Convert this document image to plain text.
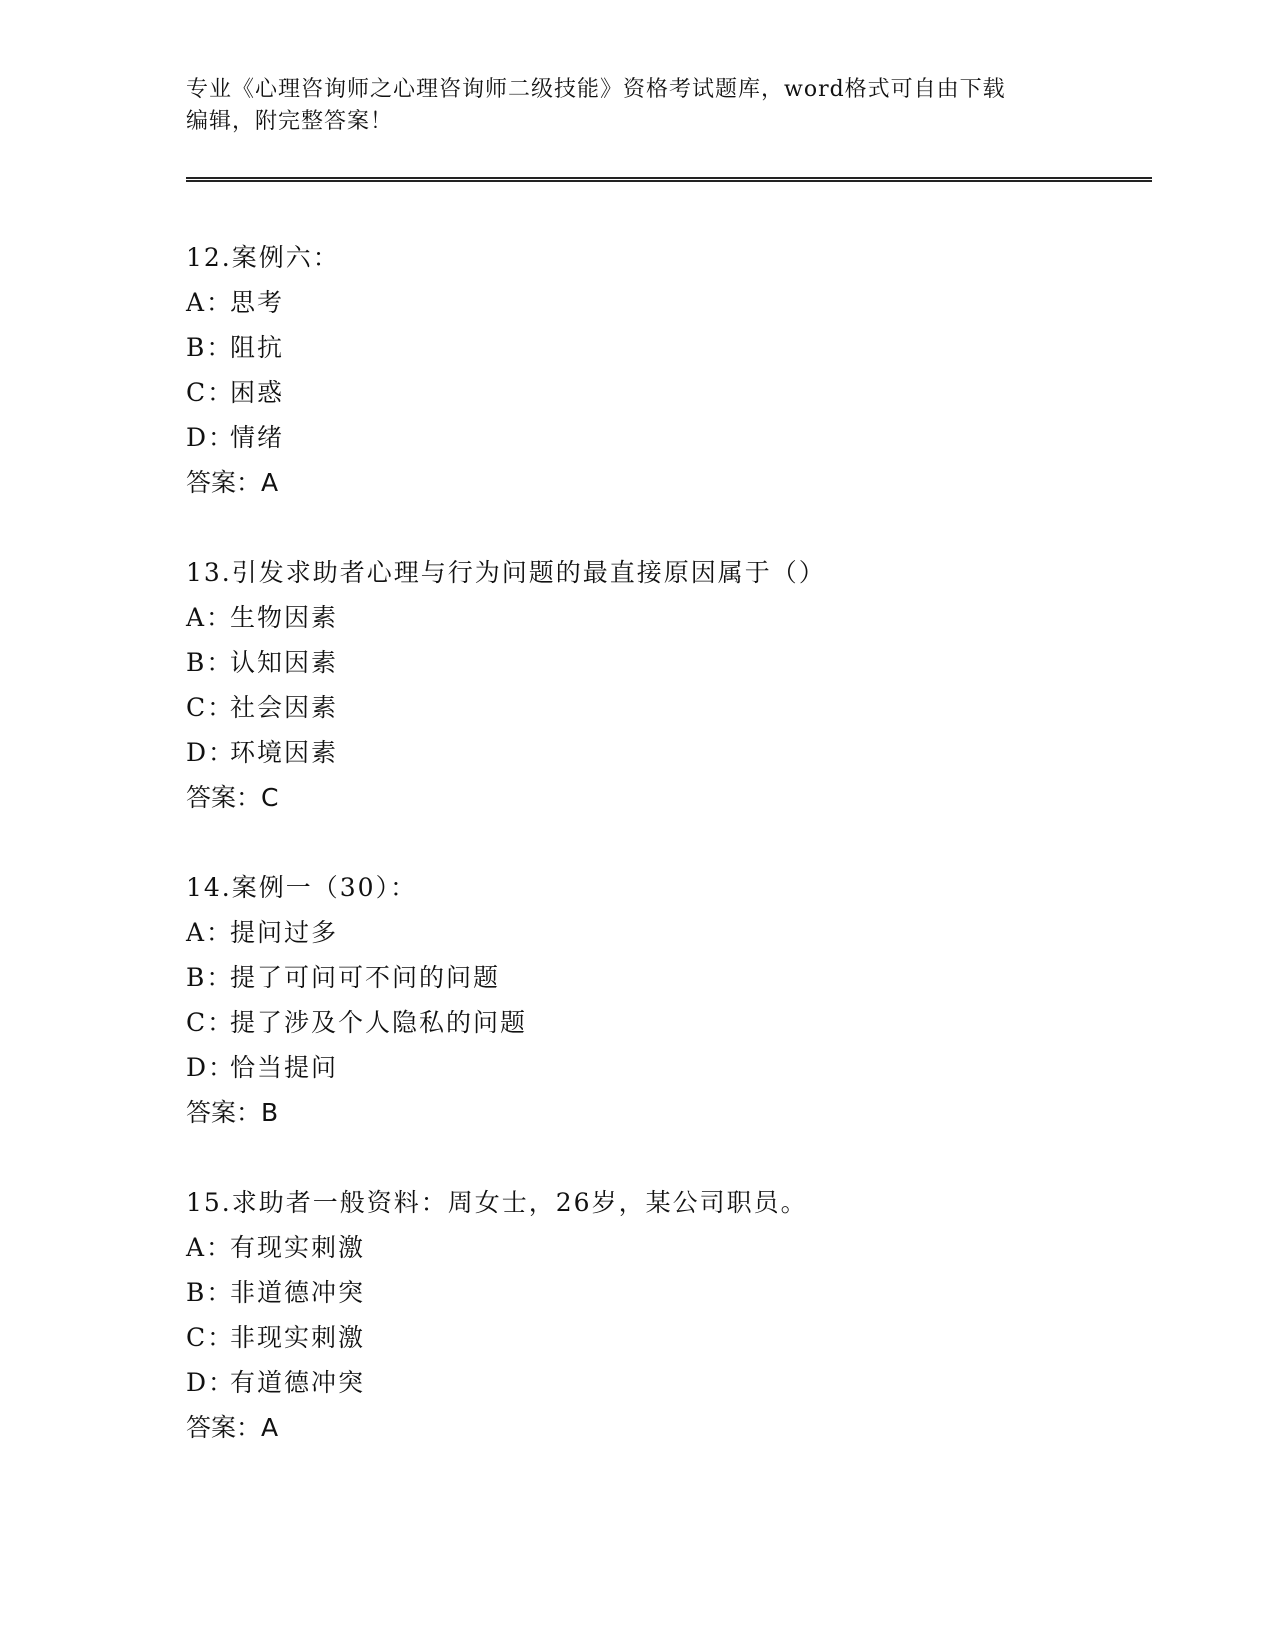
专业《心理咨询师之心理咨询师二级技能》资格考试题库，word格式可自由下载
编辑，附完整答案！
12.案例六：
A：思考
B：阻抗
C：困惑
D：情绪
答案：A
13.引发求助者心理与行为问题的最直接原因属于（）
A：生物因素
B：认知因素
C：社会因素
D：环境因素
答案：C
14.案例一（30）：
A：提问过多
B：提了可问可不问的问题
C：提了涉及个人隐私的问题
D：恰当提问
答案：B
15.求助者一般资料：周女士，26岁，某公司职员。
A：有现实刺激
B：非道德冲突
C：非现实刺激
D：有道德冲突
答案：A
